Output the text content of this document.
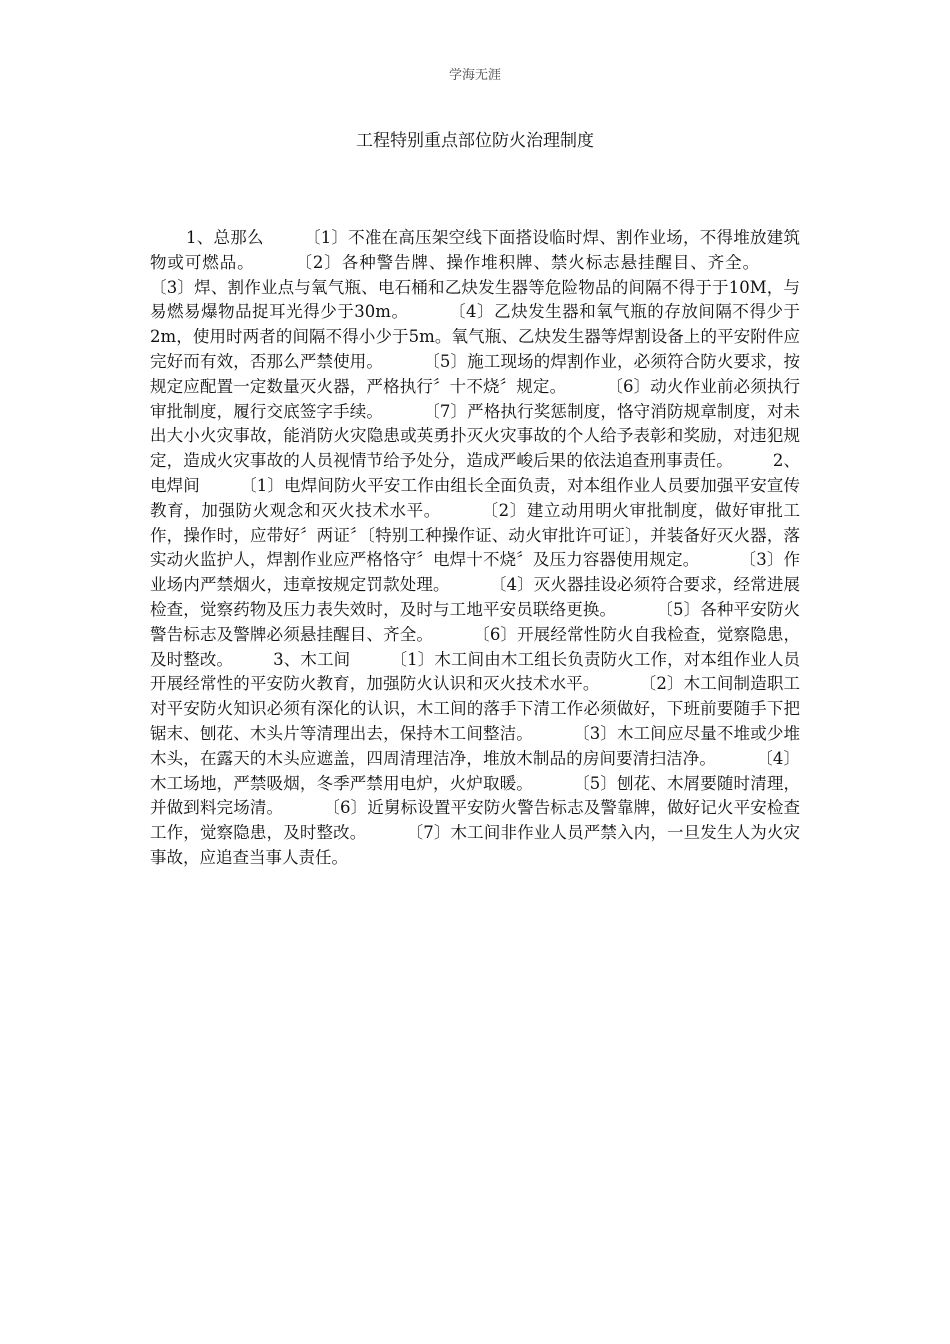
学海无涯
工程特别重点部位防火治理制度

1、总那么 〔1〕不准在高压架空线下面搭设临时焊、割作业场，不得堆放建筑物或可燃品。 〔2〕各种警告牌、操作堆积牌、禁火标志悬挂醒目、齐全。〔3〕焊、割作业点与氧气瓶、电石桶和乙炔发生器等危险物品的间隔不得于于10M，与易燃易爆物品捉耳光得少于30m。 〔4〕乙炔发生器和氧气瓶的存放间隔不得少于2m，使用时两者的间隔不得小少于5m。氧气瓶、乙炔发生器等焊割设备上的平安附件应完好而有效，否那么严禁使用。 〔5〕施工现场的焊割作业，必须符合防火要求，按规定应配置一定数量灭火器，严格执行〞十不烧〞规定。 〔6〕动火作业前必须执行审批制度，履行交底签字手续。 〔7〕严格执行奖惩制度，恪守消防规章制度，对未出大小火灾事故，能消防火灾隐患或英勇扑灭火灾事故的个人给予表彰和奖励，对违犯规定，造成火灾事故的人员视情节给予处分，造成严峻后果的依法追查刑事责任。 2、电焊间 〔1〕电焊间防火平安工作由组长全面负责，对本组作业人员要加强平安宣传教育，加强防火观念和灭火技术水平。 〔2〕建立动用明火审批制度，做好审批工作，操作时，应带好〞两证〞〔特别工种操作证、动火审批许可证〕，并装备好灭火器，落实动火监护人，焊割作业应严格恪守〞电焊十不烧〞及压力容器使用规定。 〔3〕作业场内严禁烟火，违章按规定罚款处理。 〔4〕灭火器挂设必须符合要求，经常进展检查，觉察药物及压力表失效时，及时与工地平安员联络更换。 〔5〕各种平安防火警告标志及警牌必须悬挂醒目、齐全。 〔6〕开展经常性防火自我检查，觉察隐患，及时整改。 3、木工间 〔1〕木工间由木工组长负责防火工作，对本组作业人员开展经常性的平安防火教育，加强防火认识和灭火技术水平。 〔2〕木工间制造职工对平安防火知识必须有深化的认识，木工间的落手下清工作必须做好，下班前要随手下把锯末、刨花、木头片等清理出去，保持木工间整洁。 〔3〕木工间应尽量不堆或少堆木头，在露天的木头应遮盖，四周清理洁净，堆放木制品的房间要清扫洁净。 〔4〕木工场地，严禁吸烟，冬季严禁用电炉，火炉取暖。 〔5〕刨花、木屑要随时清理，并做到料完场清。 〔6〕近舅标设置平安防火警告标志及警靠牌，做好记火平安检查工作，觉察隐患，及时整改。 〔7〕木工间非作业人员严禁入内，一旦发生人为火灾事故，应追查当事人责任。
